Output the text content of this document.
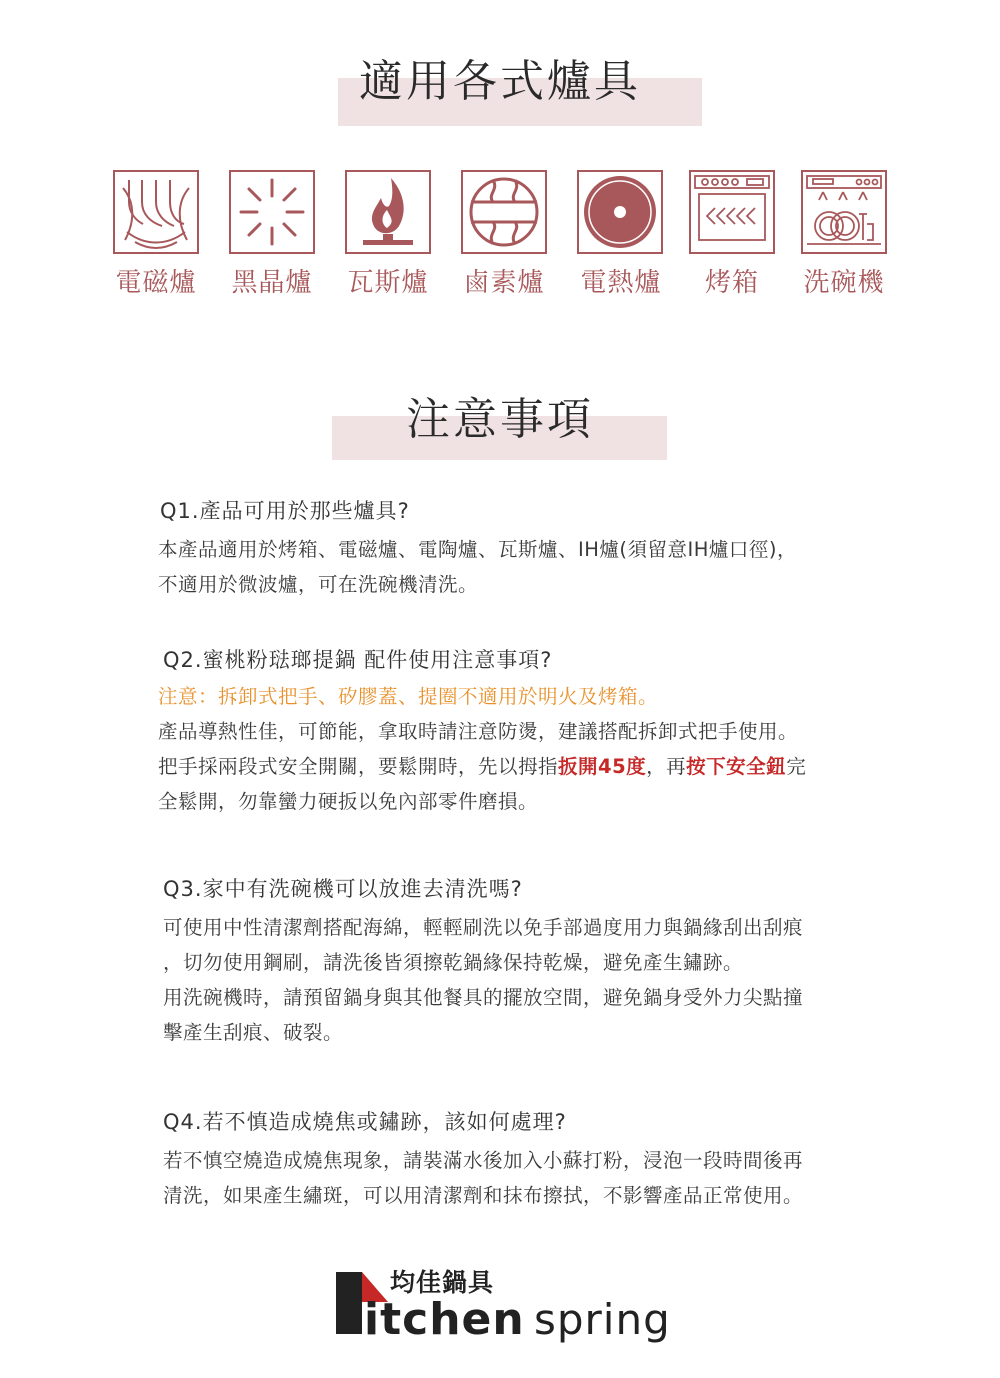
適用各式爐具
電磁爐	黑晶爐	瓦斯爐	鹵素爐	電熱爐	烤箱	洗碗機
注意事項
Q1.產品可用於那些爐具?
本產品適用於烤箱、電磁爐、電陶爐、瓦斯爐、IH爐(須留意IH爐口徑)，
不適用於微波爐，可在洗碗機清洗。
Q2.蜜桃粉琺瑯提鍋 配件使用注意事項?
注意：拆卸式把手、矽膠蓋、提圈不適用於明火及烤箱。
產品導熱性佳，可節能，拿取時請注意防燙，建議搭配拆卸式把手使用。
把手採兩段式安全開關，要鬆開時，先以拇指扳開45度，再按下安全鈕完
全鬆開，勿靠蠻力硬扳以免內部零件磨損。
Q3.家中有洗碗機可以放進去清洗嗎?
可使用中性清潔劑搭配海綿，輕輕刷洗以免手部過度用力與鍋緣刮出刮痕
，切勿使用鋼刷，請洗後皆須擦乾鍋緣保持乾燥，避免產生鏽跡。
用洗碗機時，請預留鍋身與其他餐具的擺放空間，避免鍋身受外力尖點撞
擊產生刮痕、破裂。
Q4.若不慎造成燒焦或鏽跡，該如何處理?
若不慎空燒造成燒焦現象，請裝滿水後加入小蘇打粉，浸泡一段時間後再
清洗，如果產生繡斑，可以用清潔劑和抹布擦拭，不影響產品正常使用。
itchen spring
均佳鍋具
